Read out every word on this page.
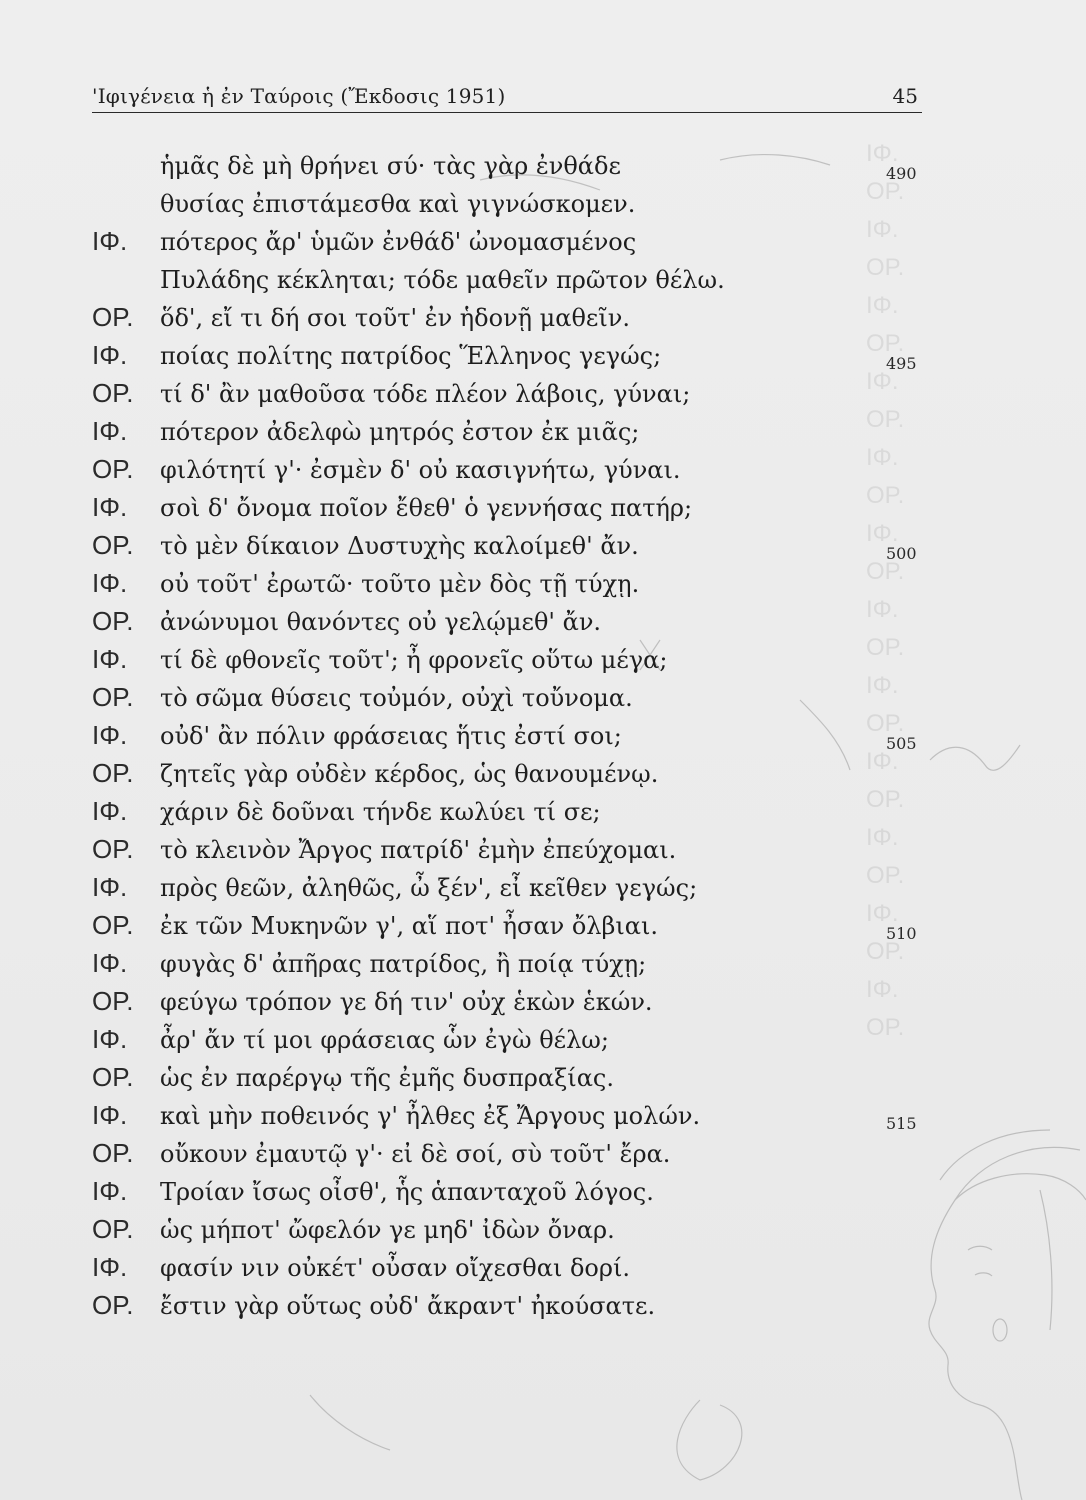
ΙΦ.
ΟΡ.
ΙΦ.
ΟΡ.
ΙΦ.
ΟΡ.
ΙΦ.
ΟΡ.
ΙΦ.
ΟΡ.
ΙΦ.
ΟΡ.
ΙΦ.
ΟΡ.
ΙΦ.
ΟΡ.
ΙΦ.
ΟΡ.
ΙΦ.
ΟΡ.
ΙΦ.
ΟΡ.
ΙΦ.
ΟΡ.
'Ιφιγένεια ἡ ἐν Ταύροις (Ἔκδοσις 1951)	45
ἡμᾶς δὲ μὴ θρήνει σύ· τὰς γὰρ ἐνθάδε	490
θυσίας ἐπιστάμεσθα καὶ γιγνώσκομεν.
ΙΦ. πότερος ἄρ' ὑμῶν ἐνθάδ' ὠνομασμένος
Πυλάδης κέκληται; τόδε μαθεῖν πρῶτον θέλω.
ΟΡ. ὅδ', εἴ τι δή σοι τοῦτ' ἐν ἡδονῇ μαθεῖν.
ΙΦ. ποίας πολίτης πατρίδος Ἕλληνος γεγώς;	495
ΟΡ. τί δ' ἂν μαθοῦσα τόδε πλέον λάβοις, γύναι;
ΙΦ. πότερον ἀδελφὼ μητρός ἐστον ἐκ μιᾶς;
ΟΡ. φιλότητί γ'· ἐσμὲν δ' οὐ κασιγνήτω, γύναι.
ΙΦ. σοὶ δ' ὄνομα ποῖον ἔθεθ' ὁ γεννήσας πατήρ;
ΟΡ. τὸ μὲν δίκαιον Δυστυχὴς καλοίμεθ' ἄν.	500
ΙΦ. οὐ τοῦτ' ἐρωτῶ· τοῦτο μὲν δὸς τῇ τύχῃ.
ΟΡ. ἀνώνυμοι θανόντες οὐ γελῴμεθ' ἄν.
ΙΦ. τί δὲ φθονεῖς τοῦτ'; ἦ φρονεῖς οὕτω μέγα;
ΟΡ. τὸ σῶμα θύσεις τοὐμόν, οὐχὶ τοὔνομα.
ΙΦ. οὐδ' ἂν πόλιν φράσειας ἥτις ἐστί σοι;	505
ΟΡ. ζητεῖς γὰρ οὐδὲν κέρδος, ὡς θανουμένῳ.
ΙΦ. χάριν δὲ δοῦναι τήνδε κωλύει τί σε;
ΟΡ. τὸ κλεινὸν Ἄργος πατρίδ' ἐμὴν ἐπεύχομαι.
ΙΦ. πρὸς θεῶν, ἀληθῶς, ὦ ξέν', εἶ κεῖθεν γεγώς;
ΟΡ. ἐκ τῶν Μυκηνῶν γ', αἵ ποτ' ἦσαν ὄλβιαι.	510
ΙΦ. φυγὰς δ' ἀπῆρας πατρίδος, ἢ ποίᾳ τύχῃ;
ΟΡ. φεύγω τρόπον γε δή τιν' οὐχ ἑκὼν ἑκών.
ΙΦ. ἆρ' ἄν τί μοι φράσειας ὧν ἐγὼ θέλω;
ΟΡ. ὡς ἐν παρέργῳ τῆς ἐμῆς δυσπραξίας.
ΙΦ. καὶ μὴν ποθεινός γ' ἦλθες ἐξ Ἄργους μολών.	515
ΟΡ. οὔκουν ἐμαυτῷ γ'· εἰ δὲ σοί, σὺ τοῦτ' ἔρα.
ΙΦ. Τροίαν ἴσως οἶσθ', ἧς ἁπανταχοῦ λόγος.
ΟΡ. ὡς μήποτ' ὤφελόν γε μηδ' ἰδὼν ὄναρ.
ΙΦ. φασίν νιν οὐκέτ' οὖσαν οἴχεσθαι δορί.
ΟΡ. ἔστιν γὰρ οὕτως οὐδ' ἄκραντ' ἠκούσατε.
